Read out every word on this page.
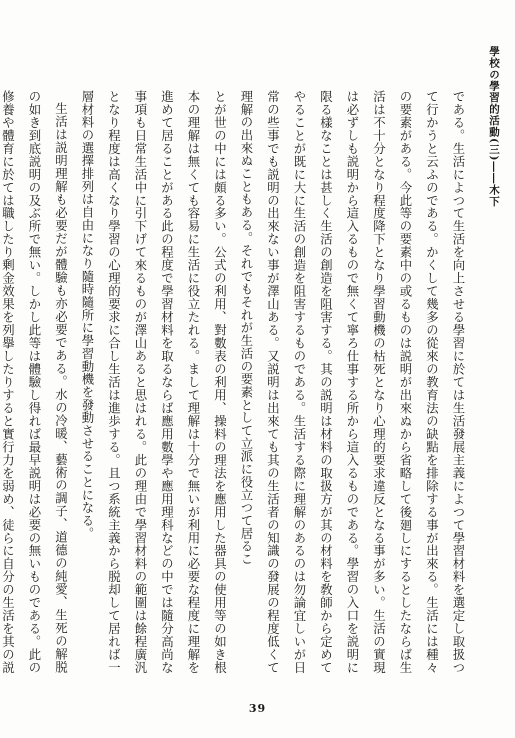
學校の學習的活動(三)――木下

である。生活によつて生活を向上させる學習に於ては生活發展主義によつて學習材料を選定し取扱つて行かうと云ふのである。かくして幾多の從來の教育法の缺點を排除する事が出來る。生活には種々の要素がある。今此等の要素中の或るものは説明が出來ぬから省略して後廻しにするとしたならば生活は不十分となり程度降下となり學習動機の枯死となり心理的要求違反となる事が多い。生活の實現は必ずしも説明から這入るもので無くて寧ろ仕事する所から這入るものである。學習の入口を説明に限る樣なことは甚しく生活の創造を阻害する。其の説明は材料の取扱方が其の材料を敎師から定めてやることが既に大に生活の創造を阻害するものである。生活する際に理解のあるのは勿論宜しいが日常の些事でも説明の出來ない事が澤山ある。又説明は出來ても其の生活者の知識の發展の程度低くて理解の出來ぬこともある。それでもそれが生活の要素として立派に役立つて居るこ

とが世の中には頗る多い。公式の利用、對數表の利用、操料の理法を應用した器具の使用等の如き根本の理解は無くても容易に生活に役立たれる。まして理解は十分で無いが利用に必要な程度に理解を進めて居ることがある此の程度で學習材料を取るならば應用數學や應用理科などの中では隨分高尚な事項も日常生活中に引下げて來るものが澤山あると思はれる。此の理由で學習材料の範圍は餘程廣汎となり程度は高くなり學習の心理的要求に合し生活は進歩する。且つ系統主義から脱却して居れば一層材料の選擇排列は自由になり隨時隨所に學習動機を發動させることになる。

生活は説明理解も必要だが體驗も亦必要である。水の冷暖、藝術の調子、道德の純愛、生死の解脱の如き到底説明の及ぶ所で無い。しかし此等は體驗し得れば最早説明は必要の無いものである。此の修養や體育に於ては職したり剰金效果を列擧したりすると實行力を弱め、徒らに自分の生活を其の説

39
